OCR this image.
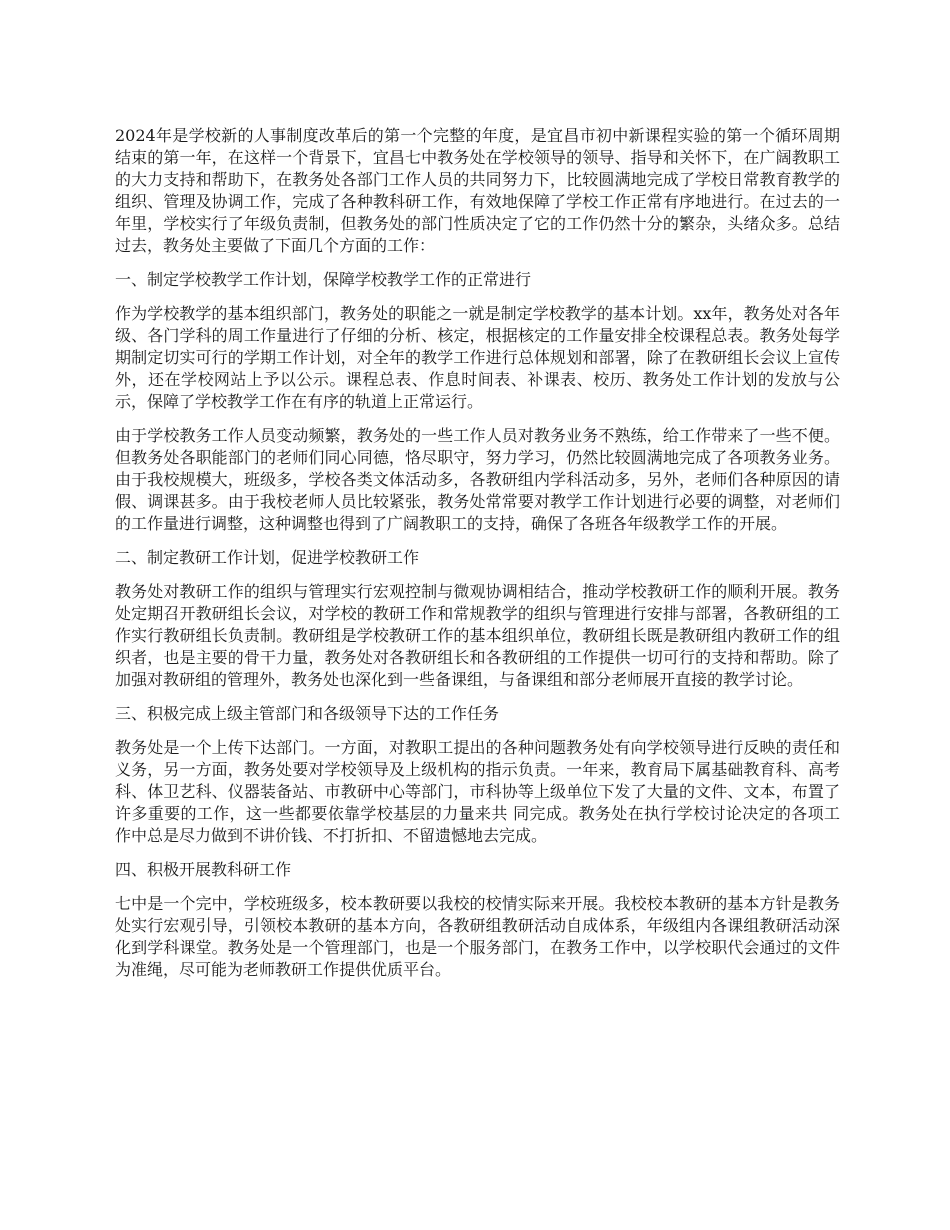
2024年是学校新的人事制度改革后的第一个完整的年度，是宜昌市初中新课程实验的第一个循环周期结束的第一年，在这样一个背景下，宜昌七中教务处在学校领导的领导、指导和关怀下，在广阔教职工的大力支持和帮助下，在教务处各部门工作人员的共同努力下，比较圆满地完成了学校日常教育教学的组织、管理及协调工作，完成了各种教科研工作，有效地保障了学校工作正常有序地进行。在过去的一年里，学校实行了年级负责制，但教务处的部门性质决定了它的工作仍然十分的繁杂，头绪众多。总结过去，教务处主要做了下面几个方面的工作：

一、制定学校教学工作计划，保障学校教学工作的正常进行

作为学校教学的基本组织部门，教务处的职能之一就是制定学校教学的基本计划。xx年，教务处对各年级、各门学科的周工作量进行了仔细的分析、核定，根据核定的工作量安排全校课程总表。教务处每学期制定切实可行的学期工作计划，对全年的教学工作进行总体规划和部署，除了在教研组长会议上宣传外，还在学校网站上予以公示。课程总表、作息时间表、补课表、校历、教务处工作计划的发放与公示，保障了学校教学工作在有序的轨道上正常运行。

由于学校教务工作人员变动频繁，教务处的一些工作人员对教务业务不熟练，给工作带来了一些不便。但教务处各职能部门的老师们同心同德，恪尽职守，努力学习，仍然比较圆满地完成了各项教务业务。由于我校规模大，班级多，学校各类文体活动多，各教研组内学科活动多，另外，老师们各种原因的请假、调课甚多。由于我校老师人员比较紧张，教务处常常要对教学工作计划进行必要的调整，对老师们的工作量进行调整，这种调整也得到了广阔教职工的支持，确保了各班各年级教学工作的开展。

二、制定教研工作计划，促进学校教研工作

教务处对教研工作的组织与管理实行宏观控制与微观协调相结合，推动学校教研工作的顺利开展。教务处定期召开教研组长会议，对学校的教研工作和常规教学的组织与管理进行安排与部署，各教研组的工作实行教研组长负责制。教研组是学校教研工作的基本组织单位，教研组长既是教研组内教研工作的组织者，也是主要的骨干力量，教务处对各教研组长和各教研组的工作提供一切可行的支持和帮助。除了加强对教研组的管理外，教务处也深化到一些备课组，与备课组和部分老师展开直接的教学讨论。

三、积极完成上级主管部门和各级领导下达的工作任务

教务处是一个上传下达部门。一方面，对教职工提出的各种问题教务处有向学校领导进行反映的责任和义务，另一方面，教务处要对学校领导及上级机构的指示负责。一年来，教育局下属基础教育科、高考科、体卫艺科、仪器装备站、市教研中心等部门，市科协等上级单位下发了大量的文件、文本，布置了许多重要的工作，这一些都要依靠学校基层的力量来共 同完成。教务处在执行学校讨论决定的各项工作中总是尽力做到不讲价钱、不打折扣、不留遗憾地去完成。

四、积极开展教科研工作

七中是一个完中，学校班级多，校本教研要以我校的校情实际来开展。我校校本教研的基本方针是教务处实行宏观引导，引领校本教研的基本方向，各教研组教研活动自成体系，年级组内各课组教研活动深化到学科课堂。教务处是一个管理部门，也是一个服务部门，在教务工作中，以学校职代会通过的文件为准绳，尽可能为老师教研工作提供优质平台。
